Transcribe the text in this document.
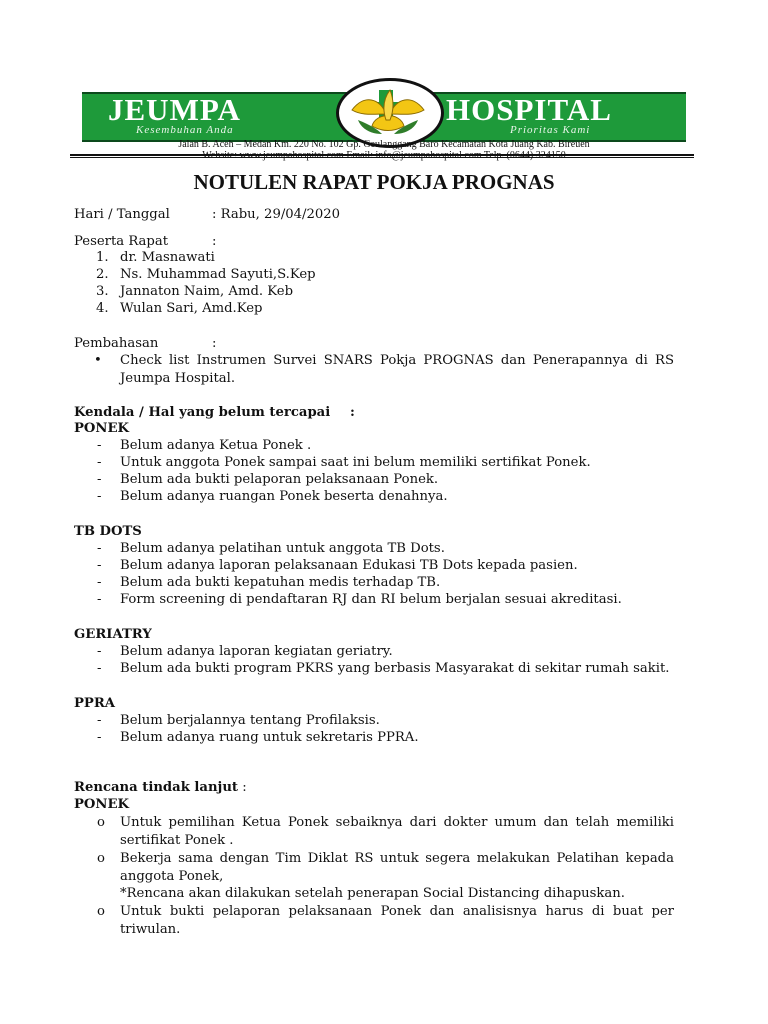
JEUMPA	HOSPITAL
Kesembuhan Anda	Prioritas Kami
Jalan B. Aceh – Medan Km. 220 No. 102 Gp. Geulanggang Baro Kecamatan Kota Juang Kab. Bireuen
NOTULEN RAPAT POKJA PROGNAS
Hari / Tanggal	: Rabu, 29/04/2020
Peserta Rapat	:
1. dr. Masnawati
2. Ns. Muhammad Sayuti,S.Kep
3. Jannaton Naim, Amd. Keb
4. Wulan Sari, Amd.Kep
Pembahasan	:
• Check list Instrumen Survei SNARS Pokja PROGNAS dan Penerapannya di RS Jeumpa Hospital.
Kendala / Hal yang belum tercapai :
PONEK
- Belum adanya Ketua Ponek .
- Untuk anggota Ponek sampai saat ini belum memiliki sertifikat Ponek.
- Belum ada bukti pelaporan pelaksanaan Ponek.
- Belum adanya ruangan Ponek beserta denahnya.
TB DOTS
- Belum adanya pelatihan untuk anggota TB Dots.
- Belum adanya laporan pelaksanaan Edukasi TB Dots kepada pasien.
- Belum ada bukti kepatuhan medis terhadap TB.
- Form screening di pendaftaran RJ dan RI belum berjalan sesuai akreditasi.
GERIATRY
- Belum adanya laporan kegiatan geriatry.
- Belum ada bukti program PKRS yang berbasis Masyarakat di sekitar rumah sakit.
PPRA
- Belum berjalannya tentang Profilaksis.
- Belum adanya ruang untuk sekretaris PPRA.
Rencana tindak lanjut :
PONEK
o Untuk pemilihan Ketua Ponek sebaiknya dari dokter umum dan telah memiliki sertifikat Ponek .
o Bekerja sama dengan Tim Diklat RS untuk segera melakukan Pelatihan kepada anggota Ponek,
*Rencana akan dilakukan setelah penerapan Social Distancing dihapuskan.
o Untuk bukti pelaporan pelaksanaan Ponek dan analisisnya harus di buat per triwulan.
